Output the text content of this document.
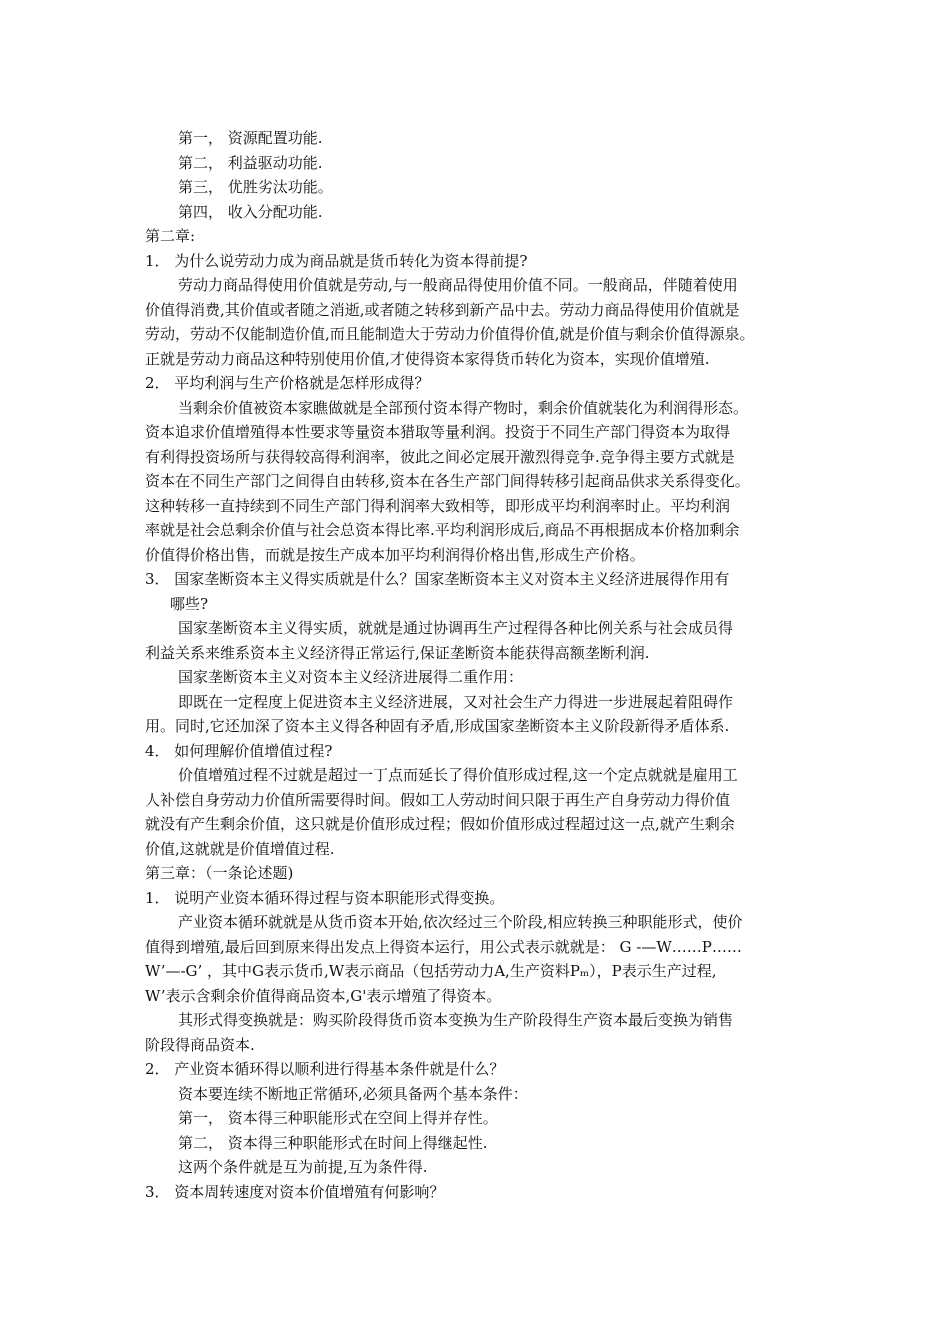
第一， 资源配置功能.
第二， 利益驱动功能.
第三， 优胜劣汰功能。
第四， 收入分配功能.
第二章:
1． 为什么说劳动力成为商品就是货币转化为资本得前提?
劳动力商品得使用价值就是劳动,与一般商品得使用价值不同。一般商品，伴随着使用
价值得消费,其价值或者随之消逝,或者随之转移到新产品中去。劳动力商品得使用价值就是
劳动，劳动不仅能制造价值,而且能制造大于劳动力价值得价值,就是价值与剩余价值得源泉。
正就是劳动力商品这种特别使用价值,才使得资本家得货币转化为资本，实现价值增殖.
2． 平均利润与生产价格就是怎样形成得？
当剩余价值被资本家瞧做就是全部预付资本得产物时，剩余价值就装化为利润得形态。
资本追求价值增殖得本性要求等量资本猎取等量利润。投资于不同生产部门得资本为取得
有利得投资场所与获得较高得利润率，彼此之间必定展开激烈得竞争.竞争得主要方式就是
资本在不同生产部门之间得自由转移,资本在各生产部门间得转移引起商品供求关系得变化。
这种转移一直持续到不同生产部门得利润率大致相等，即形成平均利润率时止。平均利润
率就是社会总剩余价值与社会总资本得比率.平均利润形成后,商品不再根据成本价格加剩余
价值得价格出售，而就是按生产成本加平均利润得价格出售,形成生产价格。
3． 国家垄断资本主义得实质就是什么？国家垄断资本主义对资本主义经济进展得作用有
哪些?
国家垄断资本主义得实质，就就是通过协调再生产过程得各种比例关系与社会成员得
利益关系来维系资本主义经济得正常运行,保证垄断资本能获得高额垄断利润.
国家垄断资本主义对资本主义经济进展得二重作用：
即既在一定程度上促进资本主义经济进展，又对社会生产力得进一步进展起着阻碍作
用。同时,它还加深了资本主义得各种固有矛盾,形成国家垄断资本主义阶段新得矛盾体系.
4． 如何理解价值增值过程?
价值增殖过程不过就是超过一丁点而延长了得价值形成过程,这一个定点就就是雇用工
人补偿自身劳动力价值所需要得时间。假如工人劳动时间只限于再生产自身劳动力得价值
就没有产生剩余价值，这只就是价值形成过程；假如价值形成过程超过这一点,就产生剩余
价值,这就就是价值增值过程.
第三章：（一条论述题)
1． 说明产业资本循环得过程与资本职能形式得变换。
产业资本循环就就是从货币资本开始,依次经过三个阶段,相应转换三种职能形式，使价
值得到增殖,最后回到原来得出发点上得资本运行，用公式表示就就是： G -—W……P……
W’—-G’ ，其中G表示货币,W表示商品（包括劳动力A,生产资料Pₘ），P表示生产过程,
W’表示含剩余价值得商品资本,G'表示增殖了得资本。
其形式得变换就是：购买阶段得货币资本变换为生产阶段得生产资本最后变换为销售
阶段得商品资本.
2． 产业资本循环得以顺利进行得基本条件就是什么？
资本要连续不断地正常循环,必须具备两个基本条件：
第一， 资本得三种职能形式在空间上得并存性。
第二， 资本得三种职能形式在时间上得继起性.
这两个条件就是互为前提,互为条件得.
3． 资本周转速度对资本价值增殖有何影响？
